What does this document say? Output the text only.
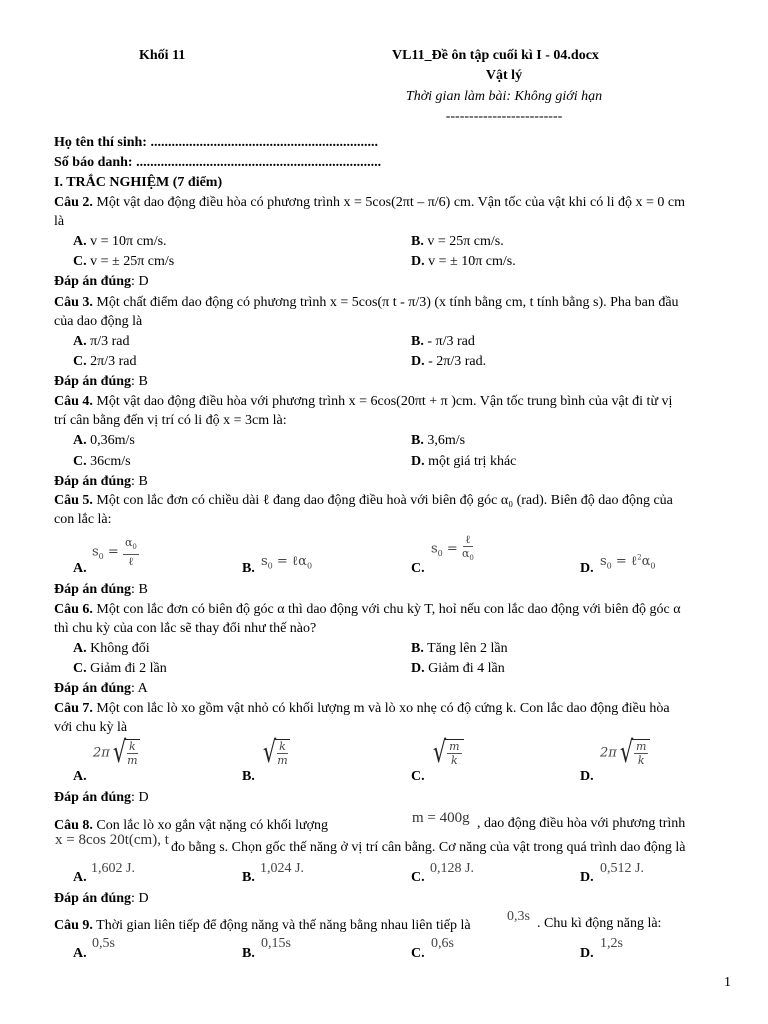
Khối 11	VL11_Đề ôn tập cuối kì I - 04.docx
Vật lý
Thời gian làm bài: Không giới hạn
-------------------------
Họ tên thí sinh: .................................................................
Số báo danh: ......................................................................
I. TRẮC NGHIỆM (7 điểm)
Câu 2. Một vật dao động điều hòa có phương trình x = 5cos(2πt – π/6) cm. Vận tốc của vật khi có li độ x = 0 cm
là
A. v = 10π cm/s.	B. v = 25π cm/s.
C. v = ± 25π cm/s	D. v = ± 10π cm/s.
Đáp án đúng: D
Câu 3. Một chất điểm dao động có phương trình x = 5cos(π t - π/3) (x tính bằng cm, t tính bằng s). Pha ban đầu
của dao động là
A. π/3 rad	B. - π/3 rad
C. 2π/3 rad	D. - 2π/3 rad.
Đáp án đúng: B
Câu 4. Một vật dao động điều hòa với phương trình x = 6cos(20πt + π )cm. Vận tốc trung bình của vật đi từ vị
trí cân bằng đến vị trí có li độ x = 3cm là:
A. 0,36m/s	B. 3,6m/s
C. 36cm/s	D. một giá trị khác
Đáp án đúng: B
Câu 5. Một con lắc đơn có chiều dài ℓ đang dao động điều hoà với biên độ góc α₀ (rad). Biên độ dao động của
con lắc là:
A.
$s_0 = \frac{\alpha_0}{\text{ℓ}}$
B. $s_0$ = ℓα$_0$	C.
$s_0 = \frac{\text{ℓ}}{\alpha_0}$
D. $s_0$ = $\ell^2\alpha_0$
Đáp án đúng: B
Câu 6. Một con lắc đơn có biên độ góc α thì dao động với chu kỳ T, hoỉ nếu con lắc dao động với biên độ góc α
thì chu kỳ của con lắc sẽ thay đổi như thế nào?
A. Không đổi	B. Tăng lên 2 lần
C. Giảm đi 2 lần	D. Giảm đi 4 lần
Đáp án đúng: A
Câu 7. Một con lắc lò xo gồm vật nhỏ có khối lượng m và lò xo nhẹ có độ cứng k. Con lắc dao động điều hòa
với chu kỳ là
A.
2π √ $\frac{k}{m}$
B.
√ $\frac{k}{m}$
C.
√ $\frac{m}{k}$
D.
2π √ $\frac{m}{k}$
Đáp án đúng: D
Câu 8. Con lắc lò xo gắn vật nặng có khối lượng	m = 400g , dao động điều hòa với phương trình
x = 8cos 20t(cm), t đo bằng s. Chọn gốc thế năng ở vị trí cân bằng. Cơ năng của vật trong quá trình dao động là
A.
1,602 J.
B.
1,024 J.
C.
0,128 J.
D.
0,512 J.
Đáp án đúng: D
Câu 9. Thời gian liên tiếp để động năng và thế năng bằng nhau liên tiếp là
0,3s . Chu kì động năng là:
A.
0,5s
B.
0,15s
C.
0,6s
D.
1,2s
1
